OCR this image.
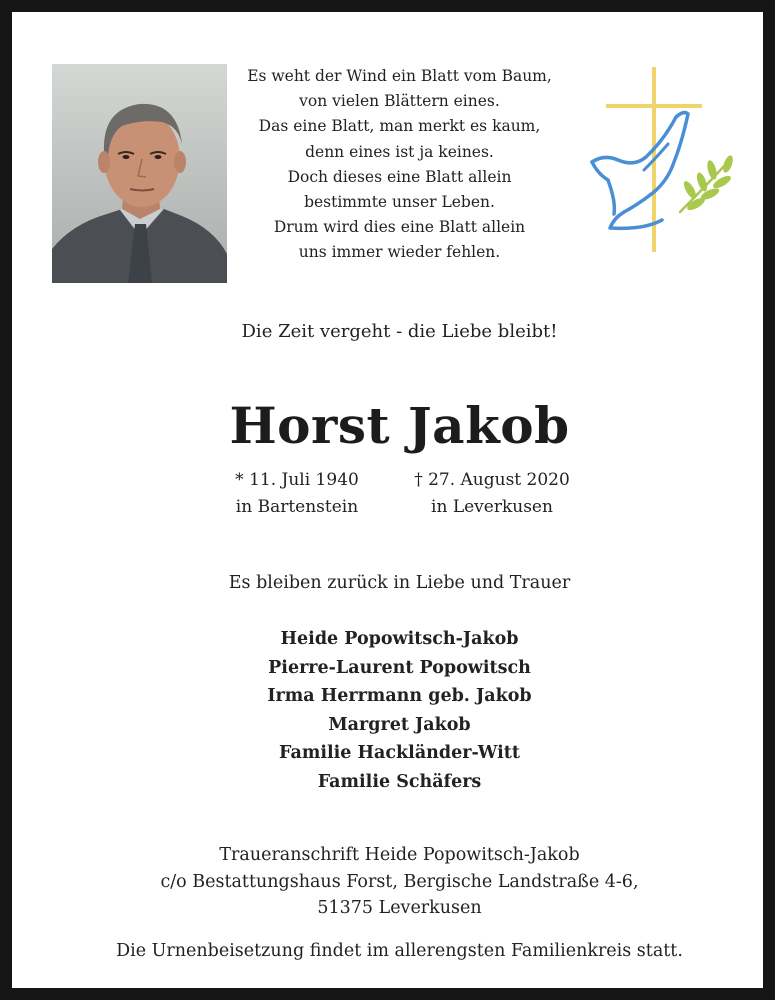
Es weht der Wind ein Blatt vom Baum,
von vielen Blättern eines.
Das eine Blatt, man merkt es kaum,
denn eines ist ja keines.
Doch dieses eine Blatt allein
bestimmte unser Leben.
Drum wird dies eine Blatt allein
uns immer wieder fehlen.
Die Zeit vergeht - die Liebe bleibt!
Horst Jakob
* 11. Juli 1940
in Bartenstein
† 27. August 2020
in Leverkusen
Es bleiben zurück in Liebe und Trauer
Heide Popowitsch-Jakob
Pierre-Laurent Popowitsch
Irma Herrmann geb. Jakob
Margret Jakob
Familie Hackländer-Witt
Familie Schäfers
Traueranschrift Heide Popowitsch-Jakob
c/o Bestattungshaus Forst, Bergische Landstraße 4-6,
51375 Leverkusen
Die Urnenbeisetzung findet im allerengsten Familienkreis statt.
